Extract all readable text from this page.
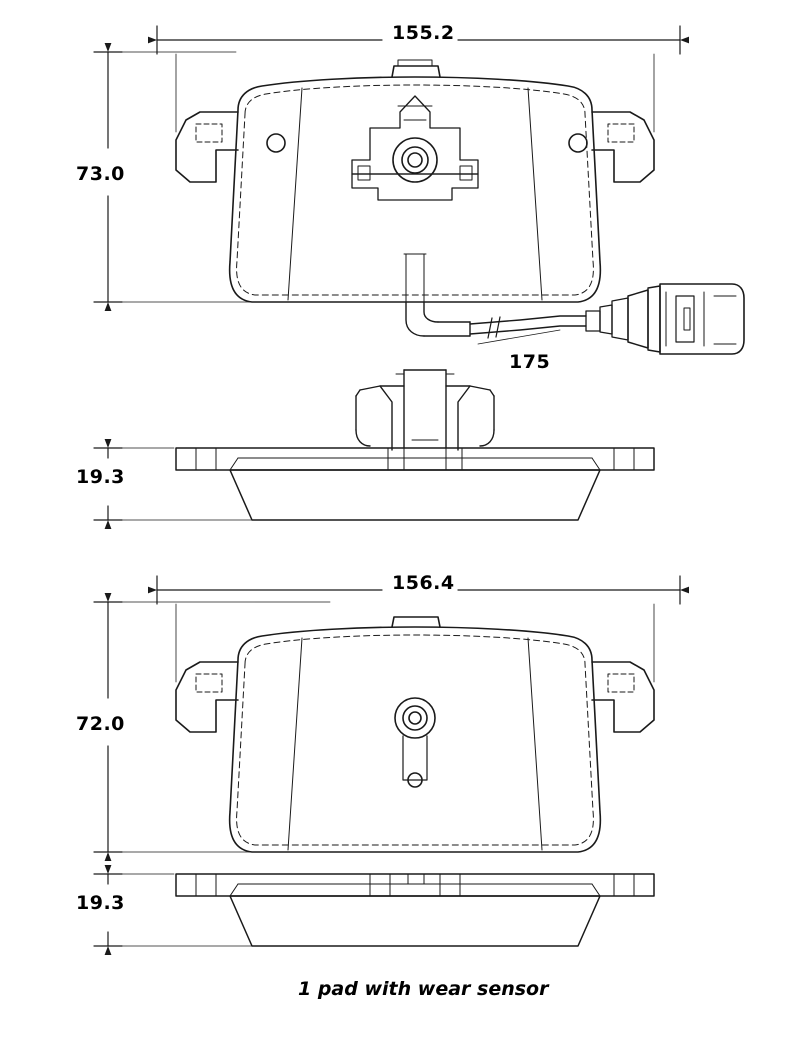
155.2
73.0
175
19.3
156.4
72.0
19.3
1 pad with wear sensor
